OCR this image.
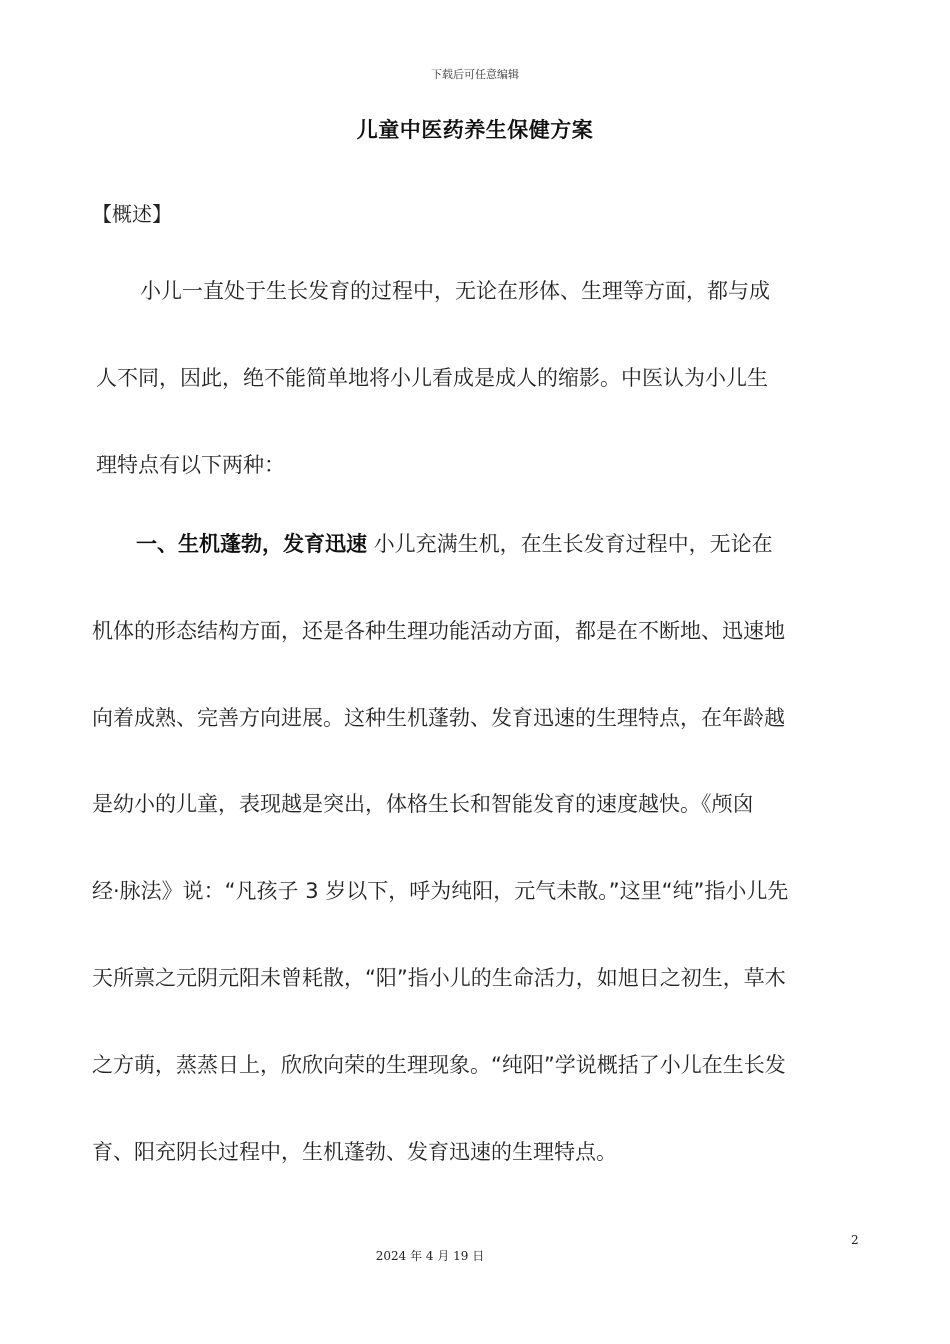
下载后可任意编辑
儿童中医药养生保健方案
【概述】
小儿一直处于生长发育的过程中，无论在形体、生理等方面，都与成
人不同，因此，绝不能简单地将小儿看成是成人的缩影。中医认为小儿生
理特点有以下两种：
一、生机蓬勃，发育迅速 小儿充满生机，在生长发育过程中，无论在
机体的形态结构方面，还是各种生理功能活动方面，都是在不断地、迅速地
向着成熟、完善方向进展。这种生机蓬勃、发育迅速的生理特点，在年龄越
是幼小的儿童，表现越是突出，体格生长和智能发育的速度越快。《颅囟
经·脉法》说：“凡孩子 3 岁以下，呼为纯阳，元气未散。”这里“纯”指小儿先
天所禀之元阴元阳未曾耗散，“阳”指小儿的生命活力，如旭日之初生，草木
之方萌，蒸蒸日上，欣欣向荣的生理现象。“纯阳”学说概括了小儿在生长发
育、阳充阴长过程中，生机蓬勃、发育迅速的生理特点。
2
2024 年 4 月 19 日
